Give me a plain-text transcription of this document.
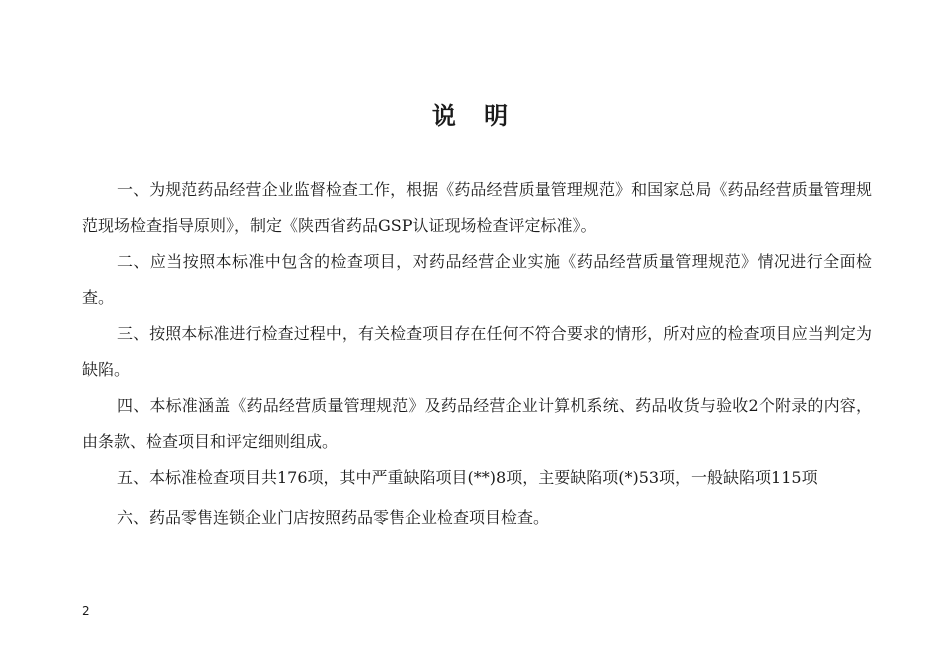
说 明

一、为规范药品经营企业监督检查工作，根据《药品经营质量管理规范》和国家总局《药品经营质量管理规范现场检查指导原则》，制定《陕西省药品GSP认证现场检查评定标准》。

二、应当按照本标准中包含的检查项目，对药品经营企业实施《药品经营质量管理规范》情况进行全面检查。

三、按照本标准进行检查过程中，有关检查项目存在任何不符合要求的情形，所对应的检查项目应当判定为缺陷。

四、本标准涵盖《药品经营质量管理规范》及药品经营企业计算机系统、药品收货与验收2个附录的内容，由条款、检查项目和评定细则组成。

五、本标准检查项目共176项，其中严重缺陷项目(**)8项，主要缺陷项(*)53项，一般缺陷项115项

六、药品零售连锁企业门店按照药品零售企业检查项目检查。

2
